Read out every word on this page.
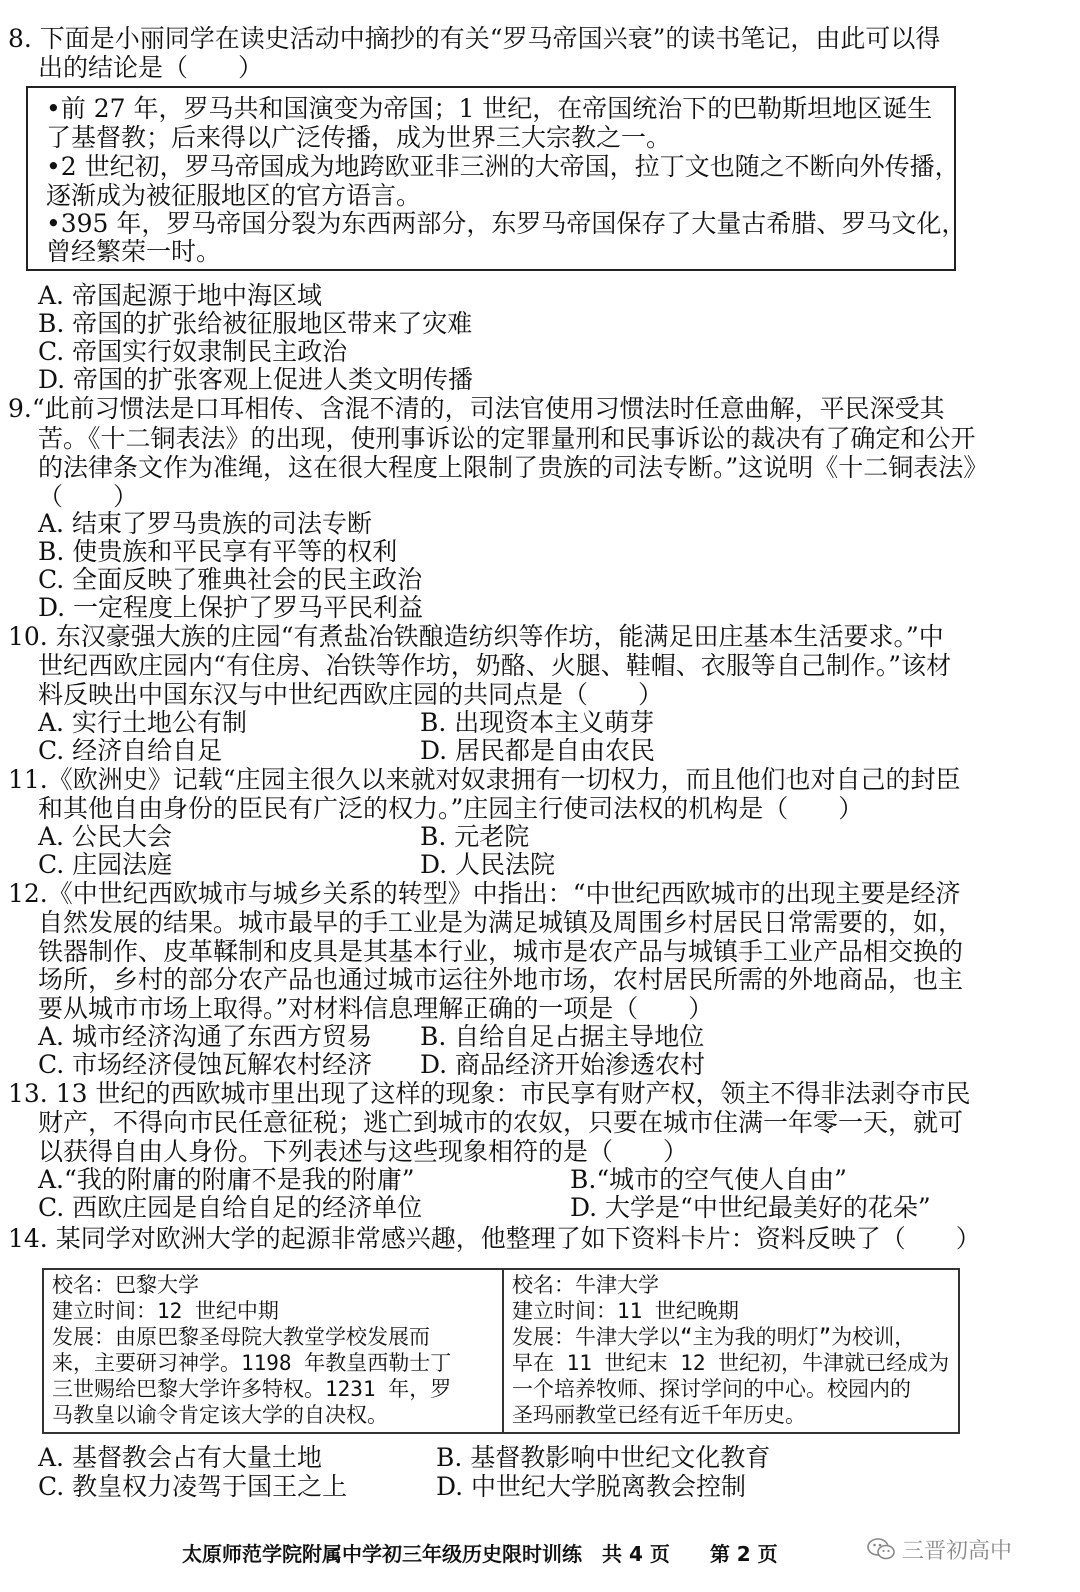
8. 下面是小丽同学在读史活动中摘抄的有关“罗马帝国兴衰”的读书笔记，由此可以得
出的结论是（　　）
•前 27 年，罗马共和国演变为帝国；1 世纪，在帝国统治下的巴勒斯坦地区诞生
了基督教；后来得以广泛传播，成为世界三大宗教之一。
•2 世纪初，罗马帝国成为地跨欧亚非三洲的大帝国，拉丁文也随之不断向外传播，
逐渐成为被征服地区的官方语言。
•395 年，罗马帝国分裂为东西两部分，东罗马帝国保存了大量古希腊、罗马文化，
曾经繁荣一时。
A. 帝国起源于地中海区域
B. 帝国的扩张给被征服地区带来了灾难
C. 帝国实行奴隶制民主政治
D. 帝国的扩张客观上促进人类文明传播
9.“此前习惯法是口耳相传、含混不清的，司法官使用习惯法时任意曲解，平民深受其
苦。《十二铜表法》的出现，使刑事诉讼的定罪量刑和民事诉讼的裁决有了确定和公开
的法律条文作为准绳，这在很大程度上限制了贵族的司法专断。”这说明《十二铜表法》
（　　）
A. 结束了罗马贵族的司法专断
B. 使贵族和平民享有平等的权利
C. 全面反映了雅典社会的民主政治
D. 一定程度上保护了罗马平民利益
10. 东汉豪强大族的庄园“有煮盐冶铁酿造纺织等作坊，能满足田庄基本生活要求。”中
世纪西欧庄园内“有住房、冶铁等作坊，奶酪、火腿、鞋帽、衣服等自己制作。”该材
料反映出中国东汉与中世纪西欧庄园的共同点是（　　）
A. 实行土地公有制	B. 出现资本主义萌芽
C. 经济自给自足	D. 居民都是自由农民
11.《欧洲史》记载“庄园主很久以来就对奴隶拥有一切权力，而且他们也对自己的封臣
和其他自由身份的臣民有广泛的权力。”庄园主行使司法权的机构是（　　）
A. 公民大会	B. 元老院
C. 庄园法庭	D. 人民法院
12.《中世纪西欧城市与城乡关系的转型》中指出：“中世纪西欧城市的出现主要是经济
自然发展的结果。城市最早的手工业是为满足城镇及周围乡村居民日常需要的，如，
铁器制作、皮革鞣制和皮具是其基本行业，城市是农产品与城镇手工业产品相交换的
场所，乡村的部分农产品也通过城市运往外地市场，农村居民所需的外地商品，也主
要从城市市场上取得。”对材料信息理解正确的一项是（　　）
A. 城市经济沟通了东西方贸易 B. 自给自足占据主导地位
C. 市场经济侵蚀瓦解农村经济 D. 商品经济开始渗透农村
13. 13 世纪的西欧城市里出现了这样的现象：市民享有财产权，领主不得非法剥夺市民
财产，不得向市民任意征税；逃亡到城市的农奴，只要在城市住满一年零一天，就可
以获得自由人身份。下列表述与这些现象相符的是（　　）
A.“我的附庸的附庸不是我的附庸”	B.“城市的空气使人自由”
C. 西欧庄园是自给自足的经济单位	D. 大学是“中世纪最美好的花朵”
14. 某同学对欧洲大学的起源非常感兴趣，他整理了如下资料卡片：资料反映了（　　）
校名：巴黎大学
建立时间：12 世纪中期
发展：由原巴黎圣母院大教堂学校发展而
来，主要研习神学。1198 年教皇西勒士丁
三世赐给巴黎大学许多特权。1231 年，罗
马教皇以谕令肯定该大学的自决权。
校名：牛津大学
建立时间：11 世纪晚期
发展：牛津大学以“主为我的明灯”为校训，
早在 11 世纪末 12 世纪初，牛津就已经成为
一个培养牧师、探讨学问的中心。校园内的
圣玛丽教堂已经有近千年历史。
A. 基督教会占有大量土地	B. 基督教影响中世纪文化教育
C. 教皇权力凌驾于国王之上	D. 中世纪大学脱离教会控制
太原师范学院附属中学初三年级历史限时训练　共 4 页　　第 2 页	三晋初高中
